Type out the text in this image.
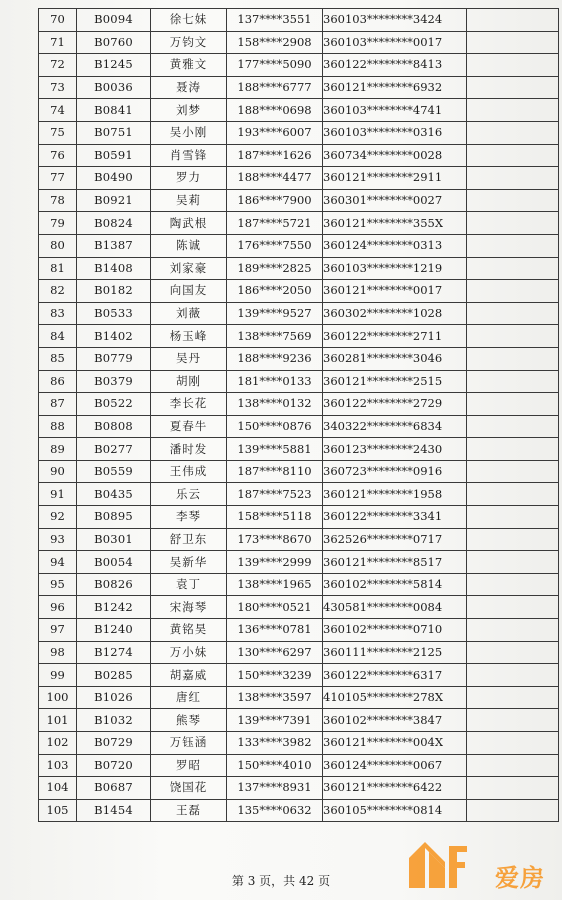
70	B0094	徐七妹	137****3551	360103********3424	
71	B0760	万钧文	158****2908	360103********0017	
72	B1245	黄雅文	177****5090	360122********8413	
73	B0036	聂涛	188****6777	360121********6932	
74	B0841	刘梦	188****0698	360103********4741	
75	B0751	吴小刚	193****6007	360103********0316	
76	B0591	肖雪锋	187****1626	360734********0028	
77	B0490	罗力	188****4477	360121********2911	
78	B0921	吴莉	186****7900	360301********0027	
79	B0824	陶武根	187****5721	360121********355X	
80	B1387	陈诚	176****7550	360124********0313	
81	B1408	刘家豪	189****2825	360103********1219	
82	B0182	向国友	186****2050	360121********0017	
83	B0533	刘薇	139****9527	360302********1028	
84	B1402	杨玉峰	138****7569	360122********2711	
85	B0779	吴丹	188****9236	360281********3046	
86	B0379	胡刚	181****0133	360121********2515	
87	B0522	李长花	138****0132	360122********2729	
88	B0808	夏春牛	150****0876	340322********6834	
89	B0277	潘时发	139****5881	360123********2430	
90	B0559	王伟成	187****8110	360723********0916	
91	B0435	乐云	187****7523	360121********1958	
92	B0895	李琴	158****5118	360122********3341	
93	B0301	舒卫东	173****8670	362526********0717	
94	B0054	吴新华	139****2999	360121********8517	
95	B0826	袁丁	138****1965	360102********5814	
96	B1242	宋海琴	180****0521	430581********0084	
97	B1240	黄铭昊	136****0781	360102********0710	
98	B1274	万小妹	130****6297	360111********2125	
99	B0285	胡嘉威	150****3239	360122********6317	
100	B1026	唐红	138****3597	410105********278X	
101	B1032	熊琴	139****7391	360102********3847	
102	B0729	万钰涵	133****3982	360121********004X	
103	B0720	罗昭	150****4010	360124********0067	
104	B0687	饶国花	137****8931	360121********6422	
105	B1454	王磊	135****0632	360105********0814	
第 3 页，共 42 页	爱房
